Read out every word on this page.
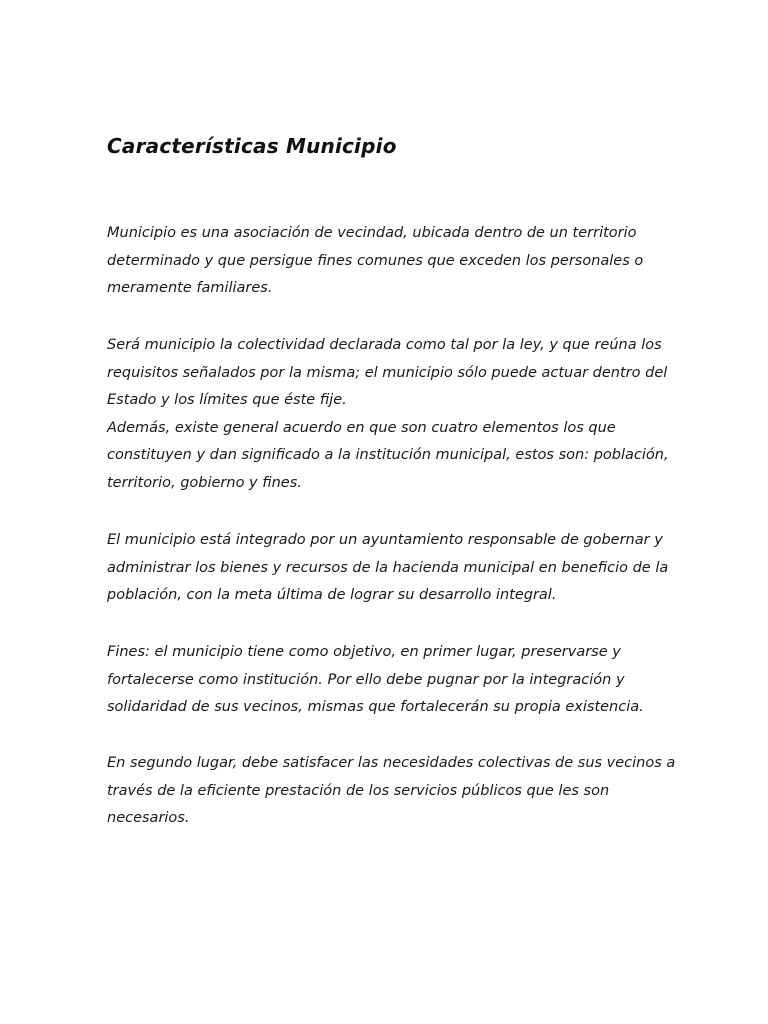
Características Municipio
Municipio es una asociación de vecindad, ubicada dentro de un territorio
determinado y que persigue fines comunes que exceden los personales o
meramente familiares.
Será municipio la colectividad declarada como tal por la ley, y que reúna los
requisitos señalados por la misma; el municipio sólo puede actuar dentro del
Estado y los límites que éste fije.
Además, existe general acuerdo en que son cuatro elementos los que
constituyen y dan significado a la institución municipal, estos son: población,
territorio, gobierno y fines.
El municipio está integrado por un ayuntamiento responsable de gobernar y
administrar los bienes y recursos de la hacienda municipal en beneficio de la
población, con la meta última de lograr su desarrollo integral.
Fines: el municipio tiene como objetivo, en primer lugar, preservarse y
fortalecerse como institución. Por ello debe pugnar por la integración y
solidaridad de sus vecinos, mismas que fortalecerán su propia existencia.
En segundo lugar, debe satisfacer las necesidades colectivas de sus vecinos a
través de la eficiente prestación de los servicios públicos que les son
necesarios.
